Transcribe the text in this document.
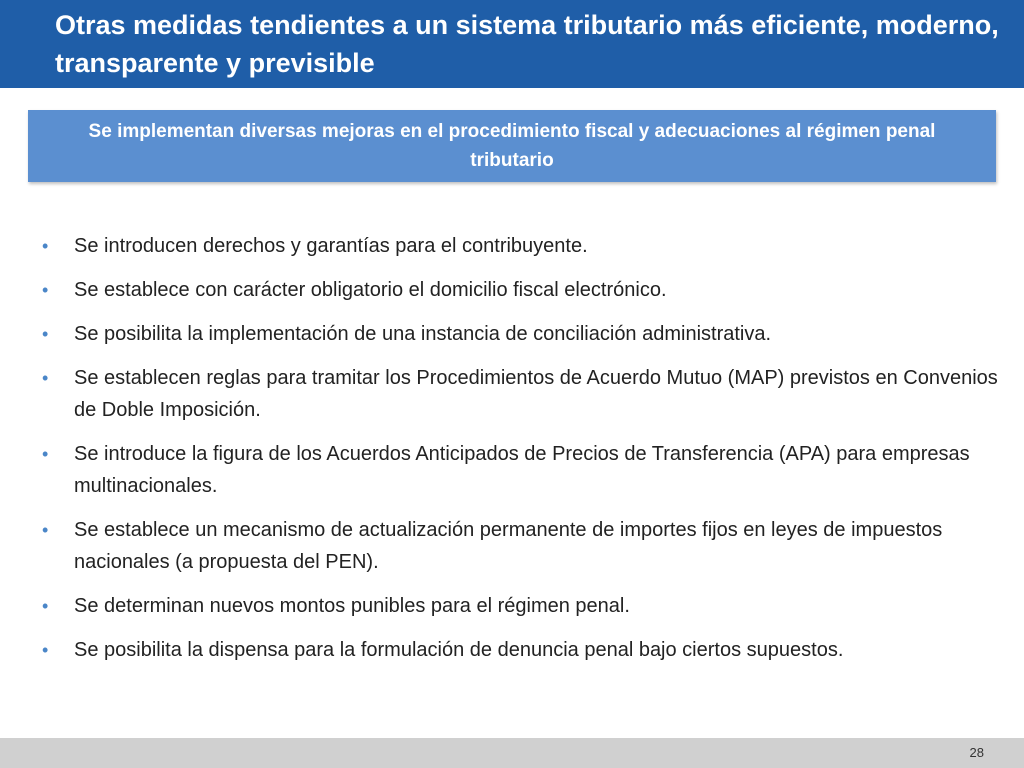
Otras medidas tendientes a un sistema tributario más eficiente, moderno, transparente y previsible
Se implementan diversas mejoras en el procedimiento fiscal y adecuaciones al régimen penal tributario
• Se introducen derechos y garantías para el contribuyente.
• Se establece con carácter obligatorio el domicilio fiscal electrónico.
• Se posibilita la implementación de una instancia de conciliación administrativa.
• Se establecen reglas para tramitar los Procedimientos de Acuerdo Mutuo (MAP) previstos en Convenios de Doble Imposición.
• Se introduce la figura de los Acuerdos Anticipados de Precios de Transferencia (APA) para empresas multinacionales.
• Se establece un mecanismo de actualización permanente de importes fijos en leyes de impuestos nacionales (a propuesta del PEN).
• Se determinan nuevos montos punibles para el régimen penal.
• Se posibilita la dispensa para la formulación de denuncia penal bajo ciertos supuestos.
28
